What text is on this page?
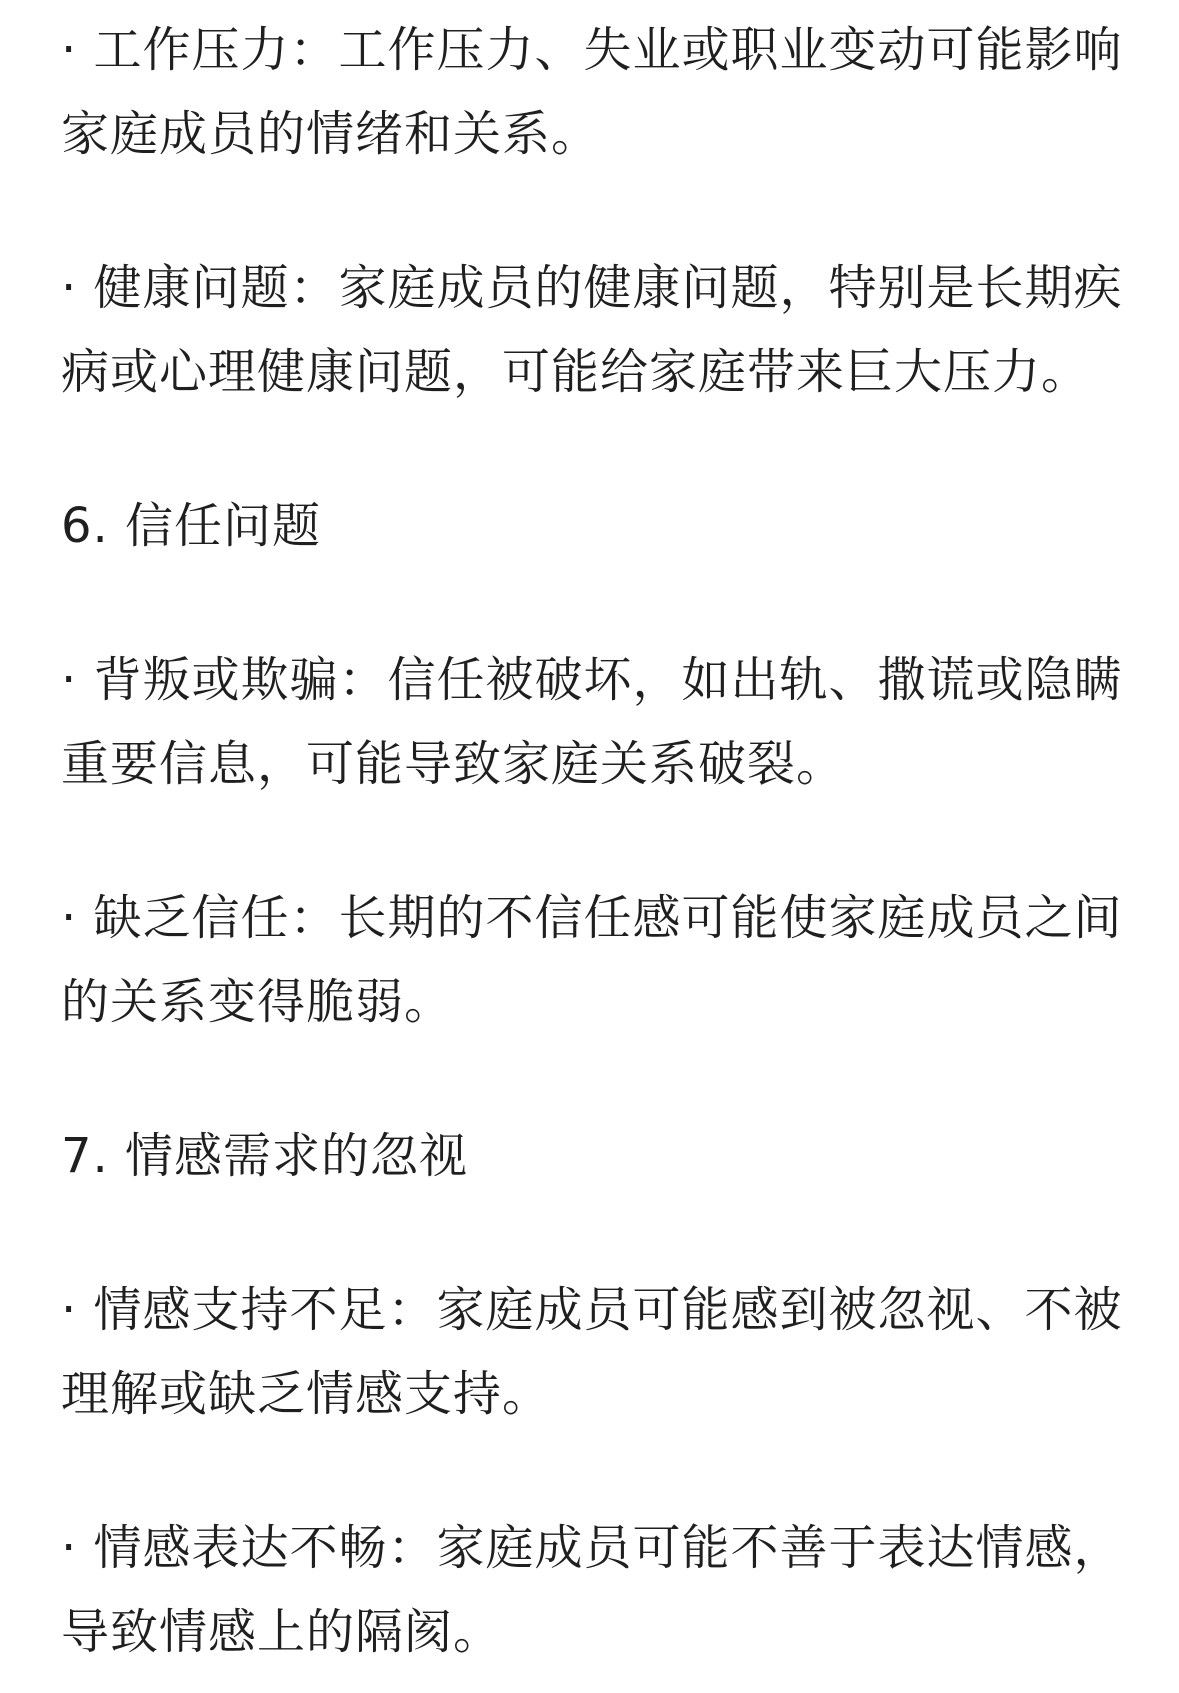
· 工作压力：工作压力、失业或职业变动可能影响家庭成员的情绪和关系。

· 健康问题：家庭成员的健康问题，特别是长期疾病或心理健康问题，可能给家庭带来巨大压力。

6. 信任问题

· 背叛或欺骗：信任被破坏，如出轨、撒谎或隐瞒重要信息，可能导致家庭关系破裂。

· 缺乏信任：长期的不信任感可能使家庭成员之间的关系变得脆弱。

7. 情感需求的忽视

· 情感支持不足：家庭成员可能感到被忽视、不被理解或缺乏情感支持。

· 情感表达不畅：家庭成员可能不善于表达情感，导致情感上的隔阂。
